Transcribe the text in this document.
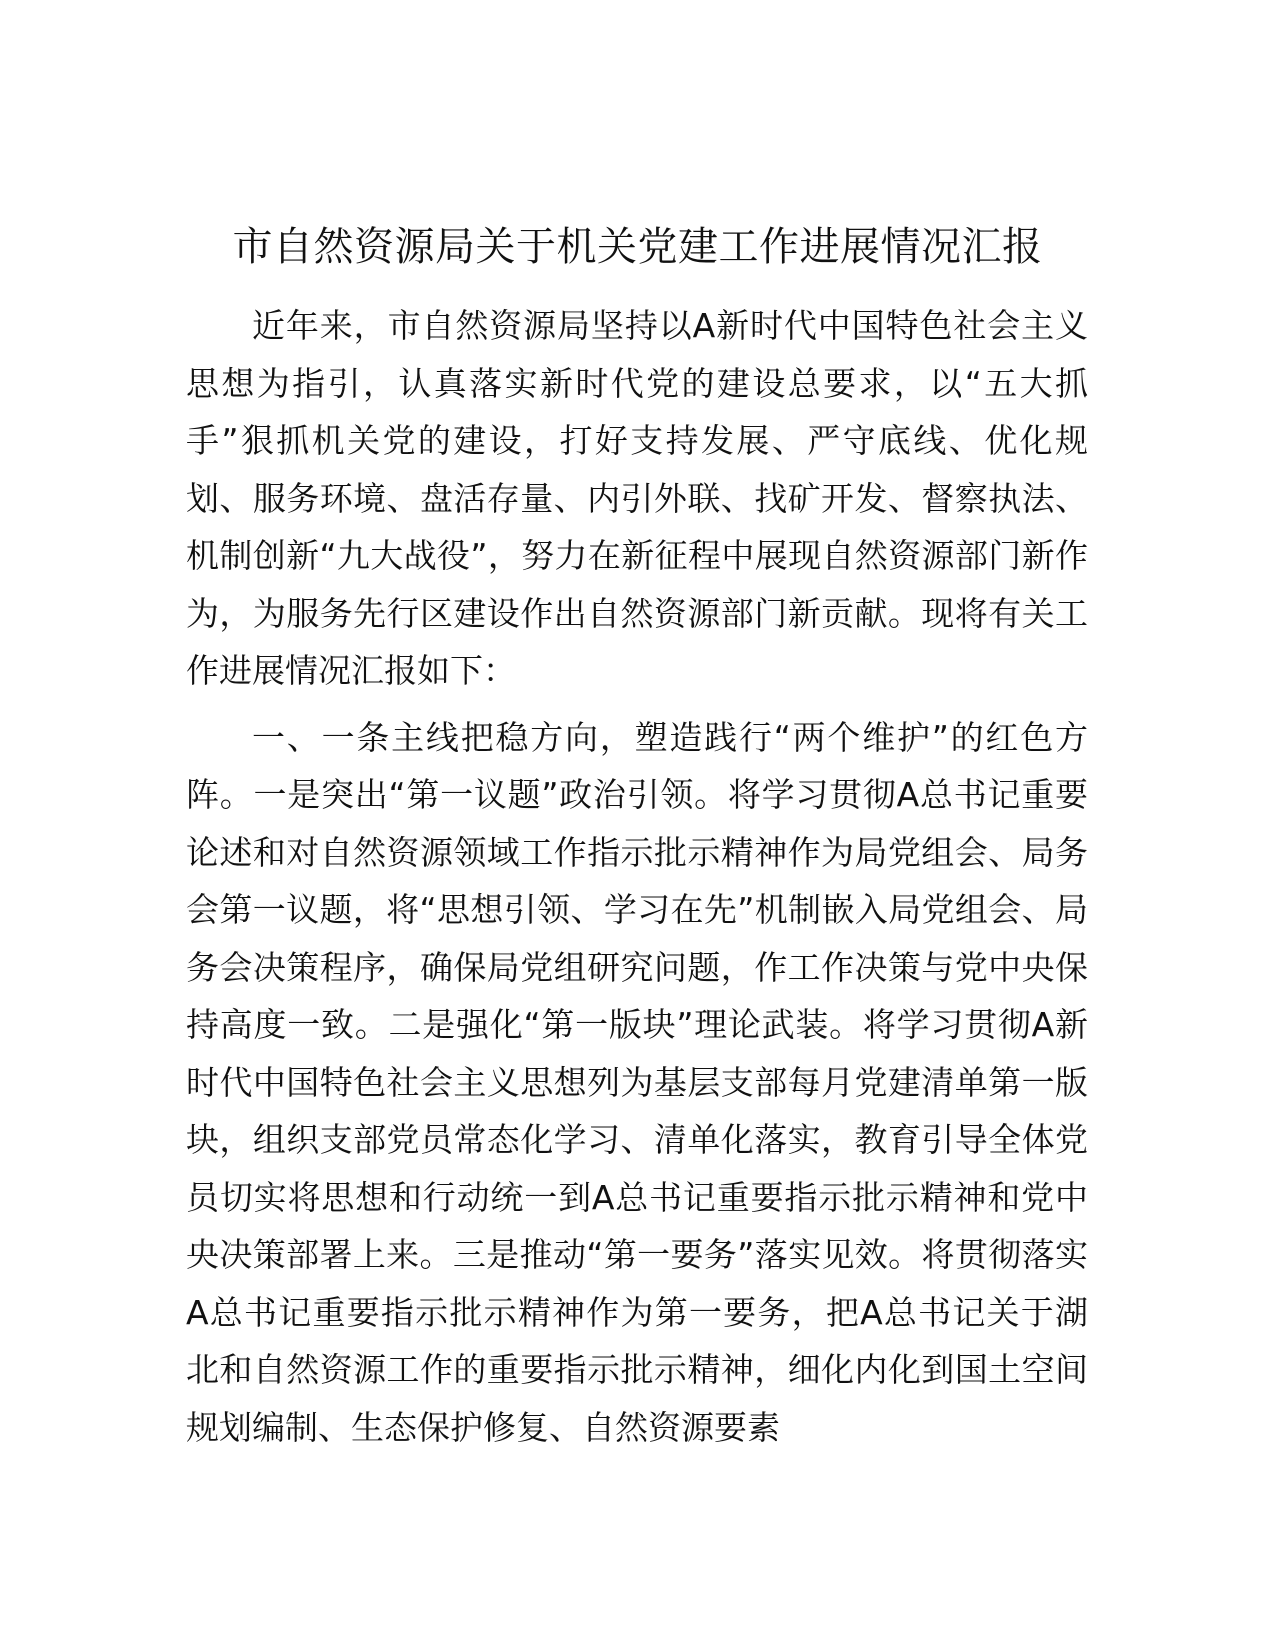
市自然资源局关于机关党建工作进展情况汇报

近年来，市自然资源局坚持以A新时代中国特色社会主义思想为指引，认真落实新时代党的建设总要求，以“五大抓手”狠抓机关党的建设，打好支持发展、严守底线、优化规划、服务环境、盘活存量、内引外联、找矿开发、督察执法、机制创新“九大战役”，努力在新征程中展现自然资源部门新作为，为服务先行区建设作出自然资源部门新贡献。现将有关工作进展情况汇报如下：

一、一条主线把稳方向，塑造践行“两个维护”的红色方阵。一是突出“第一议题”政治引领。将学习贯彻A总书记重要论述和对自然资源领域工作指示批示精神作为局党组会、局务会第一议题，将“思想引领、学习在先”机制嵌入局党组会、局务会决策程序，确保局党组研究问题，作工作决策与党中央保持高度一致。二是强化“第一版块”理论武装。将学习贯彻A新时代中国特色社会主义思想列为基层支部每月党建清单第一版块，组织支部党员常态化学习、清单化落实，教育引导全体党员切实将思想和行动统一到A总书记重要指示批示精神和党中央决策部署上来。三是推动“第一要务”落实见效。将贯彻落实A总书记重要指示批示精神作为第一要务，把A总书记关于湖北和自然资源工作的重要指示批示精神，细化内化到国土空间规划编制、生态保护修复、自然资源要素
